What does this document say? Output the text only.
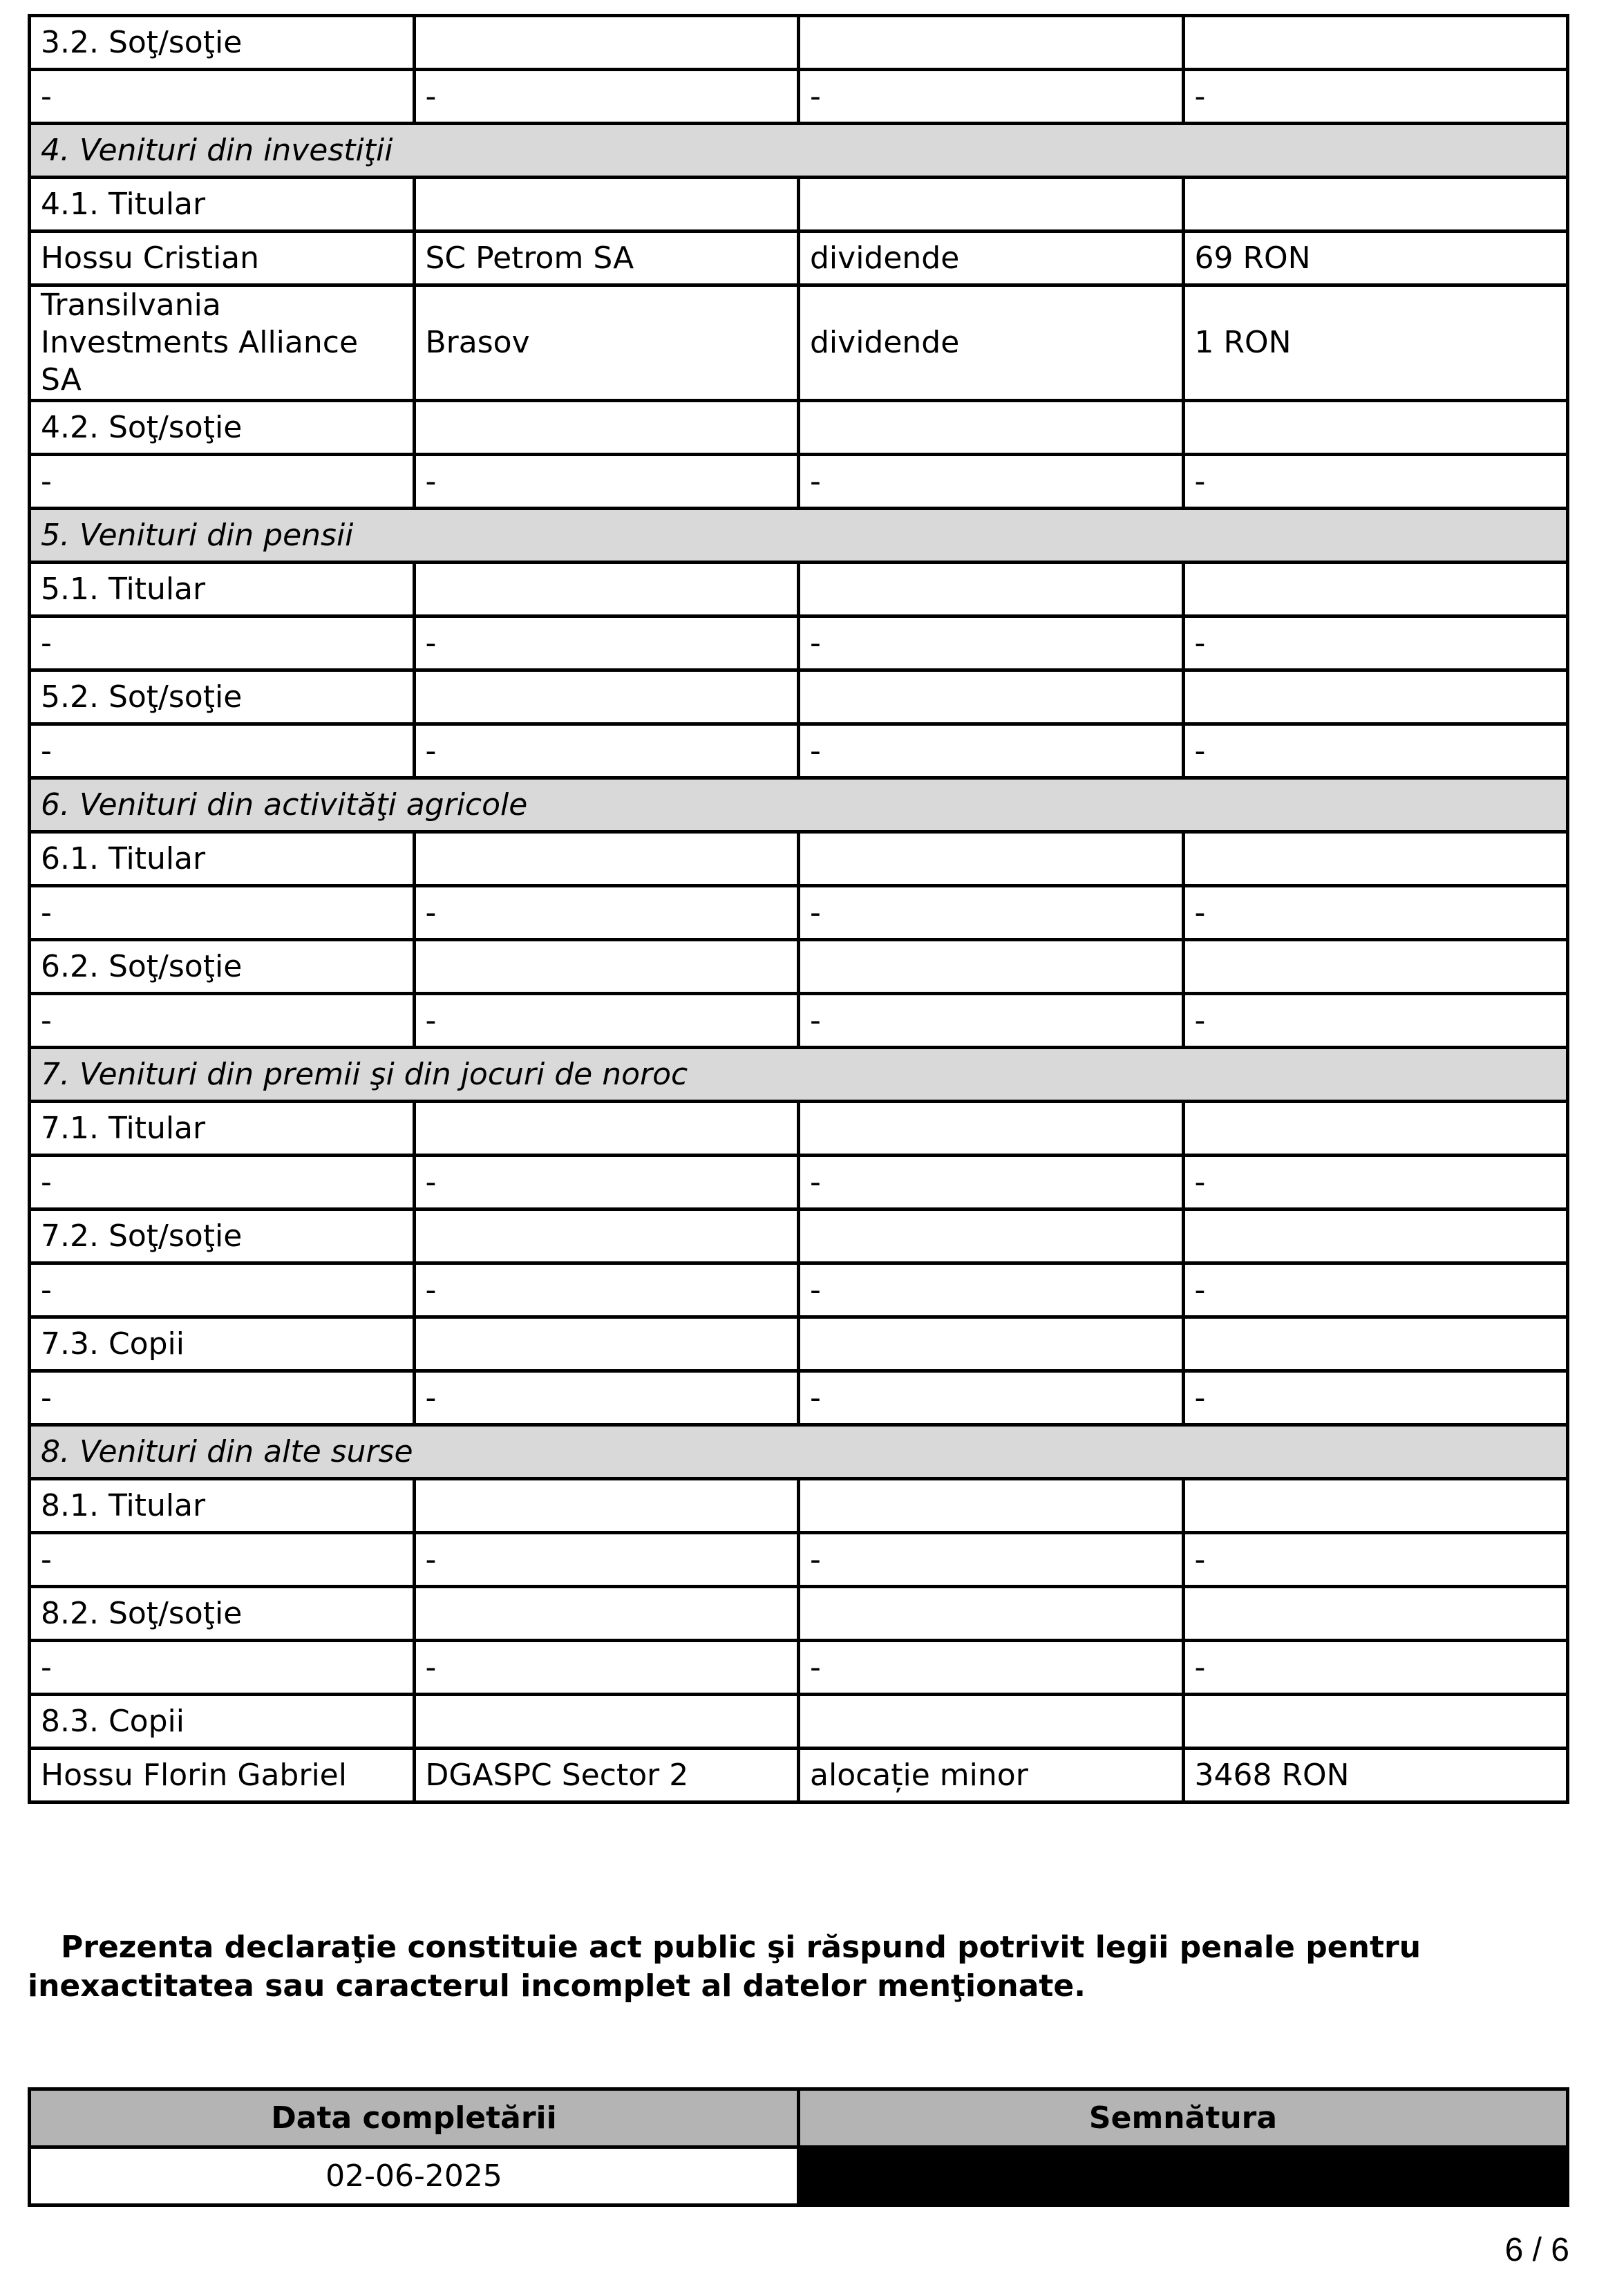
3.2. Soţ/soţie			
-	-	-	-
4. Venituri din investiţii			
4.1. Titular			
Hossu Cristian	SC Petrom SA	dividende	69 RON
Transilvania Investments Alliance SA	Brasov	dividende	1 RON
4.2. Soţ/soţie			
-	-	-	-
5. Venituri din pensii			
5.1. Titular			
-	-	-	-
5.2. Soţ/soţie			
-	-	-	-
6. Venituri din activităţi agricole			
6.1. Titular			
-	-	-	-
6.2. Soţ/soţie			
-	-	-	-
7. Venituri din premii şi din jocuri de noroc			
7.1. Titular			
-	-	-	-
7.2. Soţ/soţie			
-	-	-	-
7.3. Copii			
-	-	-	-
8. Venituri din alte surse			
8.1. Titular			
-	-	-	-
8.2. Soţ/soţie			
-	-	-	-
8.3. Copii			
Hossu Florin Gabriel	DGASPC Sector 2	alocație minor	3468 RON

Prezenta declaraţie constituie act public şi răspund potrivit legii penale pentru inexactitatea sau caracterul incomplet al datelor menţionate.

Data completării	Semnătura
02-06-2025	
6 / 6
